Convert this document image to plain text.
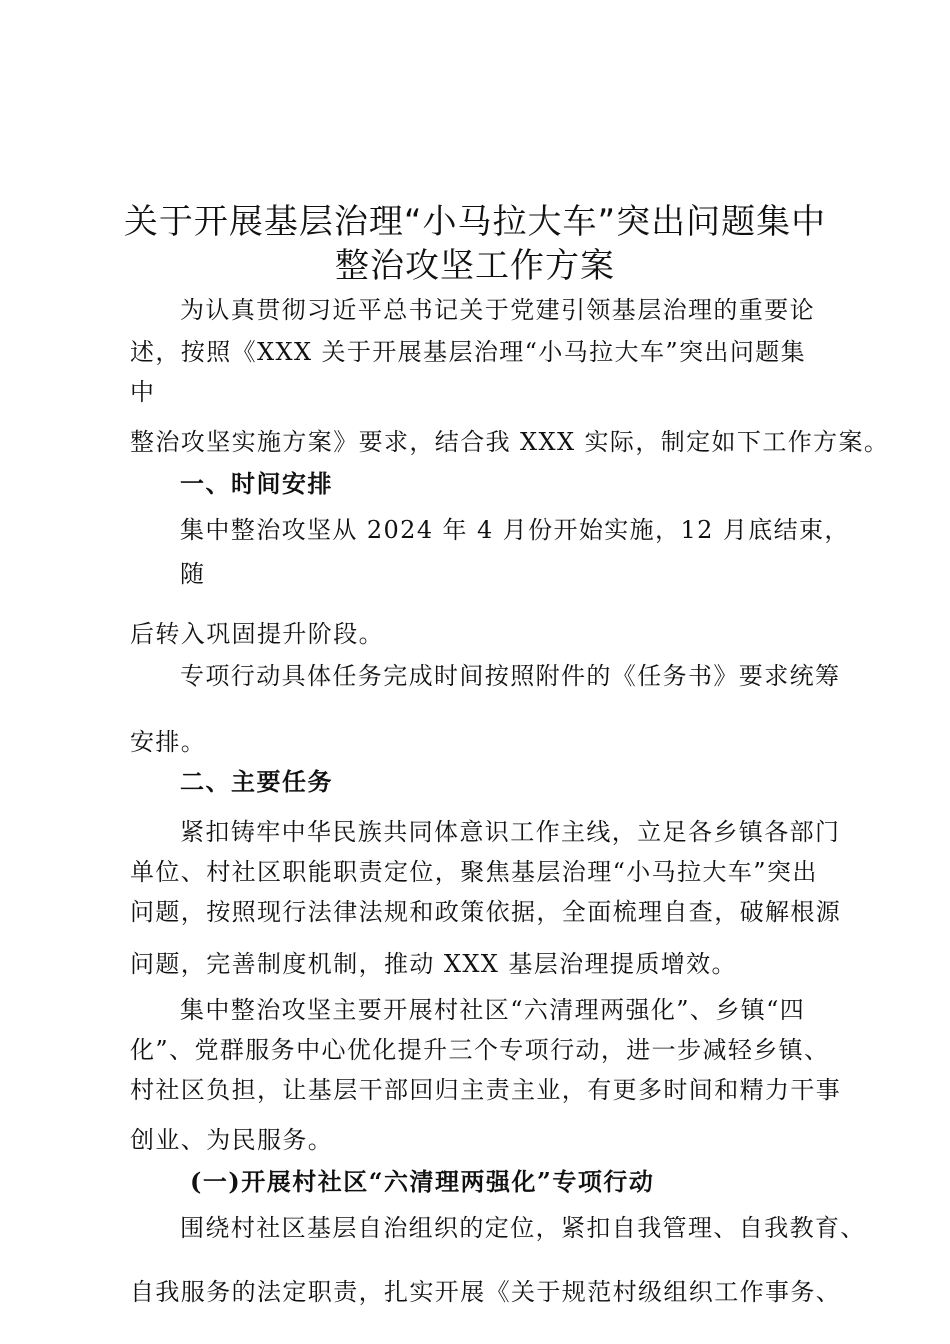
关于开展基层治理“小马拉大车”突出问题集中
整治攻坚工作方案

为认真贯彻习近平总书记关于党建引领基层治理的重要论

述，按照《XXX 关于开展基层治理“小马拉大车”突出问题集

中

整治攻坚实施方案》要求，结合我 XXX 实际，制定如下工作方案。

一、时间安排

集中整治攻坚从 2024 年 4 月份开始实施，12 月底结束，

随

后转入巩固提升阶段。

专项行动具体任务完成时间按照附件的《任务书》要求统筹

安排。

二、主要任务

紧扣铸牢中华民族共同体意识工作主线，立足各乡镇各部门

单位、村社区职能职责定位，聚焦基层治理“小马拉大车”突出

问题，按照现行法律法规和政策依据，全面梳理自查，破解根源

问题，完善制度机制，推动 XXX 基层治理提质增效。

集中整治攻坚主要开展村社区“六清理两强化”、乡镇“四

化”、党群服务中心优化提升三个专项行动，进一步减轻乡镇、

村社区负担，让基层干部回归主责主业，有更多时间和精力干事

创业、为民服务。

(一)开展村社区“六清理两强化”专项行动

围绕村社区基层自治组织的定位，紧扣自我管理、自我教育、

自我服务的法定职责，扎实开展《关于规范村级组织工作事务、
